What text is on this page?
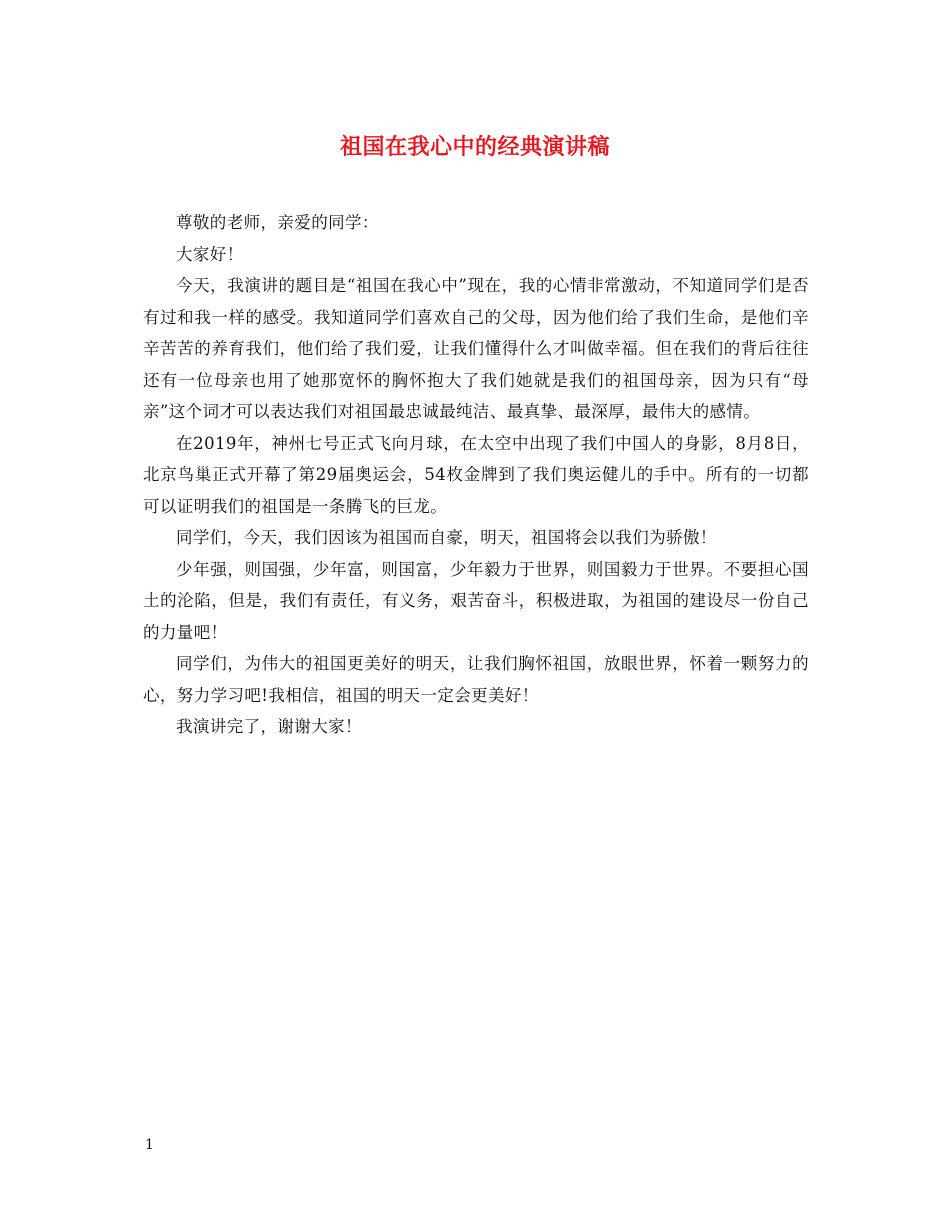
祖国在我心中的经典演讲稿

尊敬的老师，亲爱的同学：

大家好！

今天，我演讲的题目是“祖国在我心中”现在，我的心情非常激动，不知道同学们是否有过和我一样的感受。我知道同学们喜欢自己的父母，因为他们给了我们生命，是他们辛辛苦苦的养育我们，他们给了我们爱，让我们懂得什么才叫做幸福。但在我们的背后往往还有一位母亲也用了她那宽怀的胸怀抱大了我们她就是我们的祖国母亲，因为只有“母亲”这个词才可以表达我们对祖国最忠诚最纯洁、最真挚、最深厚，最伟大的感情。

在2019年，神州七号正式飞向月球，在太空中出现了我们中国人的身影，8月8日，北京鸟巢正式开幕了第29届奥运会，54枚金牌到了我们奥运健儿的手中。所有的一切都可以证明我们的祖国是一条腾飞的巨龙。

同学们，今天，我们因该为祖国而自豪，明天，祖国将会以我们为骄傲！

少年强，则国强，少年富，则国富，少年毅力于世界，则国毅力于世界。不要担心国土的沦陷，但是，我们有责任，有义务，艰苦奋斗，积极进取，为祖国的建设尽一份自己的力量吧！

同学们，为伟大的祖国更美好的明天，让我们胸怀祖国，放眼世界，怀着一颗努力的心，努力学习吧!我相信，祖国的明天一定会更美好！

我演讲完了，谢谢大家！

1
